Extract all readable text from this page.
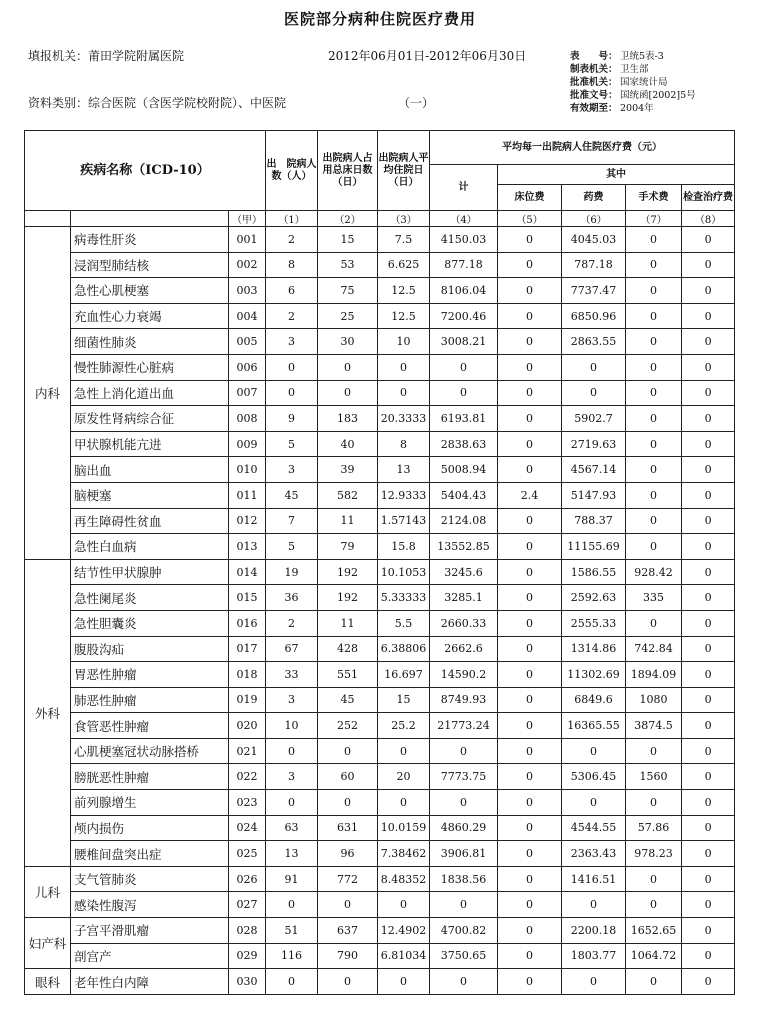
医院部分病种住院医疗费用
填报机关：莆田学院附属医院	2012年06月01日-2012年06月30日
资料类别：综合医院（含医学院校附院）、中医院	（一）
表　　号： 卫统5表-3
制表机关： 卫生部
批准机关： 国家统计局
批准文号： 国统函[2002]5号
有效期至： 2004年
疾病名称（ICD-10）			出　院病人数（人）	出院病人占用总床日数（日）	出院病人平均住院日（日）	平均每一出院病人住院医疗费（元）				
						计	其中			
							床位费	药费	手术费	检查治疗费
		（甲）	（1）	（2）	（3）	（4）	（5）	（6）	（7）	（8）
内科	病毒性肝炎	001	2	15	7.5	4150.03	0	4045.03	0	0
	浸润型肺结核	002	8	53	6.625	877.18	0	787.18	0	0
	急性心肌梗塞	003	6	75	12.5	8106.04	0	7737.47	0	0
	充血性心力衰竭	004	2	25	12.5	7200.46	0	6850.96	0	0
	细菌性肺炎	005	3	30	10	3008.21	0	2863.55	0	0
	慢性肺源性心脏病	006	0	0	0	0	0	0	0	0
	急性上消化道出血	007	0	0	0	0	0	0	0	0
	原发性肾病综合征	008	9	183	20.3333	6193.81	0	5902.7	0	0
	甲状腺机能亢进	009	5	40	8	2838.63	0	2719.63	0	0
	脑出血	010	3	39	13	5008.94	0	4567.14	0	0
	脑梗塞	011	45	582	12.9333	5404.43	2.4	5147.93	0	0
	再生障碍性贫血	012	7	11	1.57143	2124.08	0	788.37	0	0
	急性白血病	013	5	79	15.8	13552.85	0	11155.69	0	0
外科	结节性甲状腺肿	014	19	192	10.1053	3245.6	0	1586.55	928.42	0
	急性阑尾炎	015	36	192	5.33333	3285.1	0	2592.63	335	0
	急性胆囊炎	016	2	11	5.5	2660.33	0	2555.33	0	0
	腹股沟疝	017	67	428	6.38806	2662.6	0	1314.86	742.84	0
	胃恶性肿瘤	018	33	551	16.697	14590.2	0	11302.69	1894.09	0
	肺恶性肿瘤	019	3	45	15	8749.93	0	6849.6	1080	0
	食管恶性肿瘤	020	10	252	25.2	21773.24	0	16365.55	3874.5	0
	心肌梗塞冠状动脉搭桥	021	0	0	0	0	0	0	0	0
	膀胱恶性肿瘤	022	3	60	20	7773.75	0	5306.45	1560	0
	前列腺增生	023	0	0	0	0	0	0	0	0
	颅内损伤	024	63	631	10.0159	4860.29	0	4544.55	57.86	0
	腰椎间盘突出症	025	13	96	7.38462	3906.81	0	2363.43	978.23	0
儿科	支气管肺炎	026	91	772	8.48352	1838.56	0	1416.51	0	0
	感染性腹泻	027	0	0	0	0	0	0	0	0
妇产科	子宫平滑肌瘤	028	51	637	12.4902	4700.82	0	2200.18	1652.65	0
	剖宫产	029	116	790	6.81034	3750.65	0	1803.77	1064.72	0
眼科	老年性白内障	030	0	0	0	0	0	0	0	0
